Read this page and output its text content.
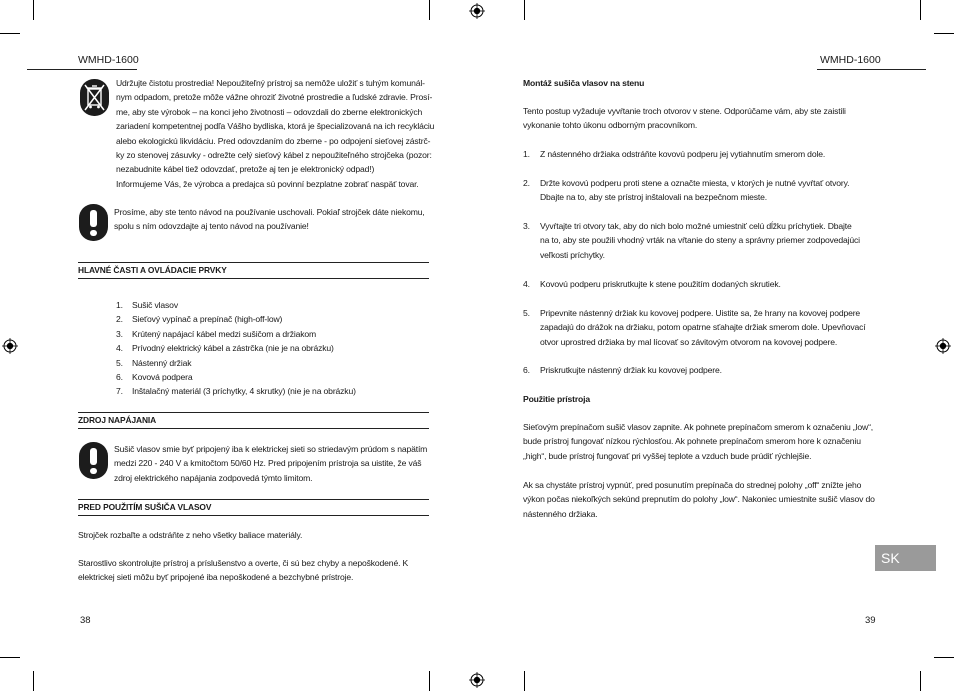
WMHD-1600
Udržujte čistotu prostredia! Nepoužiteľný prístroj sa nemôže uložiť s tuhým komunál-
nym odpadom, pretože môže vážne ohroziť životné prostredie a ľudské zdravie. Prosí-
me, aby ste výrobok – na konci jeho životnosti – odovzdali do zberne elektronických
zariadení kompetentnej podľa Vášho bydliska, ktorá je špecializovaná na ich recykláciu
alebo ekologickú likvidáciu. Pred odovzdaním do zberne - po odpojení sieťovej zástrč-
ky zo stenovej zásuvky - odrežte celý sieťový kábel z nepoužiteľného strojčeka (pozor:
nezabudnite kábel tiež odovzdať, pretože aj ten je elektronický odpad!)
Informujeme Vás, že výrobca a predajca sú povinní bezplatne zobrať naspäť tovar.
Prosíme, aby ste tento návod na používanie uschovali. Pokiaľ strojček dáte niekomu,
spolu s ním odovzdajte aj tento návod na používanie!
HLAVNÉ ČASTI A OVLÁDACIE PRVKY
1. Sušič vlasov
2. Sieťový vypínač a prepínač (high-off-low)
3. Krútený napájací kábel medzi sušičom a držiakom
4. Prívodný elektrický kábel a zástrčka (nie je na obrázku)
5. Nástenný držiak
6. Kovová podpera
7. Inštalačný materiál (3 príchytky, 4 skrutky) (nie je na obrázku)
ZDROJ NAPÁJANIA
Sušič vlasov smie byť pripojený iba k elektrickej sieti so striedavým prúdom s napätím
medzi 220 - 240 V a kmitočtom 50/60 Hz. Pred pripojením prístroja sa uistite, že váš
zdroj elektrického napájania zodpovedá týmto limitom.
PRED POUŽITÍM SUŠIČA VLASOV
Strojček rozbaľte a odstráňte z neho všetky baliace materiály.
Starostlivo skontrolujte prístroj a príslušenstvo a overte, či sú bez chyby a nepoškodené. K
elektrickej sieti môžu byť pripojené iba nepoškodené a bezchybné prístroje.
38
WMHD-1600
Montáž sušiča vlasov na stenu
Tento postup vyžaduje vyvŕtanie troch otvorov v stene. Odporúčame vám, aby ste zaistili
vykonanie tohto úkonu odborným pracovníkom.
1. Z nástenného držiaka odstráňte kovovú podperu jej vytiahnutím smerom dole.
2. Držte kovovú podperu proti stene a označte miesta, v ktorých je nutné vyvŕtať otvory.
Dbajte na to, aby ste prístroj inštalovali na bezpečnom mieste.
3. Vyvŕtajte tri otvory tak, aby do nich bolo možné umiestniť celú dĺžku príchytiek. Dbajte
na to, aby ste použili vhodný vrták na vŕtanie do steny a správny priemer zodpovedajúci
veľkosti príchytky.
4. Kovovú podperu priskrutkujte k stene použitím dodaných skrutiek.
5. Pripevnite nástenný držiak ku kovovej podpere. Uistite sa, že hrany na kovovej podpere
zapadajú do drážok na držiaku, potom opatrne sťahajte držiak smerom dole. Upevňovací
otvor uprostred držiaka by mal lícovať so závitovým otvorom na kovovej podpere.
6. Priskrutkujte nástenný držiak ku kovovej podpere.
Použitie prístroja
Sieťovým prepínačom sušič vlasov zapnite. Ak pohnete prepínačom smerom k označeniu „low“,
bude prístroj fungovať nízkou rýchlosťou. Ak pohnete prepínačom smerom hore k označeniu
„high“, bude prístroj fungovať pri vyššej teplote a vzduch bude prúdiť rýchlejšie.
Ak sa chystáte prístroj vypnúť, pred posunutím prepínača do strednej polohy „off“ znížte jeho
výkon počas niekoľkých sekúnd prepnutím do polohy „low“. Nakoniec umiestnite sušič vlasov do
nástenného držiaka.
SK
39
